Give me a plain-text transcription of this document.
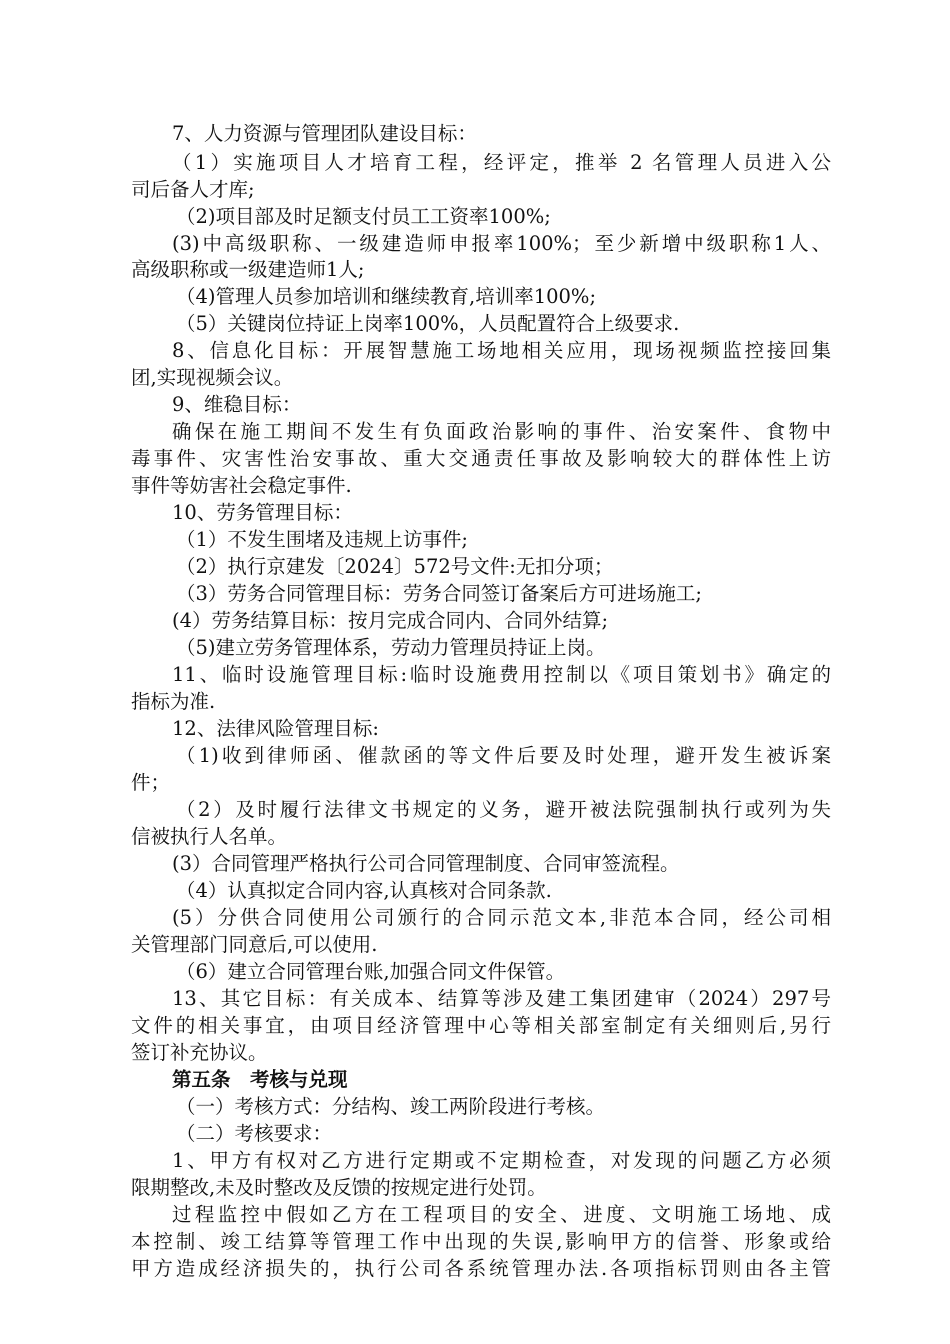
7、人力资源与管理团队建设目标：
（1）实施项目人才培育工程，经评定，推举 2 名管理人员进入公
司后备人才库;
（2)项目部及时足额支付员工工资率100%;
(3)中高级职称、一级建造师申报率100%；至少新增中级职称1人、
高级职称或一级建造师1人;
（4)管理人员参加培训和继续教育,培训率100%;
（5）关键岗位持证上岗率100%，人员配置符合上级要求.
8、信息化目标：开展智慧施工场地相关应用，现场视频监控接回集
团,实现视频会议。
9、维稳目标：
确保在施工期间不发生有负面政治影响的事件、治安案件、食物中
毒事件、灾害性治安事故、重大交通责任事故及影响较大的群体性上访
事件等妨害社会稳定事件.
10、劳务管理目标：
（1）不发生围堵及违规上访事件;
（2）执行京建发〔2024〕572号文件:无扣分项；
（3）劳务合同管理目标：劳务合同签订备案后方可进场施工;
(4）劳务结算目标：按月完成合同内、合同外结算;
（5)建立劳务管理体系，劳动力管理员持证上岗。
11、临时设施管理目标:临时设施费用控制以《项目策划书》确定的
指标为准.
12、法律风险管理目标:
（1)收到律师函、催款函的等文件后要及时处理，避开发生被诉案
件；
（2）及时履行法律文书规定的义务，避开被法院强制执行或列为失
信被执行人名单。
(3）合同管理严格执行公司合同管理制度、合同审签流程。
（4）认真拟定合同内容,认真核对合同条款.
(5）分供合同使用公司颁行的合同示范文本,非范本合同，经公司相
关管理部门同意后,可以使用.
（6）建立合同管理台账,加强合同文件保管。
13、其它目标：有关成本、结算等涉及建工集团建审（2024）297号
文件的相关事宜，由项目经济管理中心等相关部室制定有关细则后,另行
签订补充协议。
第五条　考核与兑现
（一）考核方式：分结构、竣工两阶段进行考核。
（二）考核要求：
1、甲方有权对乙方进行定期或不定期检查，对发现的问题乙方必须
限期整改,未及时整改及反馈的按规定进行处罚。
过程监控中假如乙方在工程项目的安全、进度、文明施工场地、成
本控制、竣工结算等管理工作中出现的失误,影响甲方的信誉、形象或给
甲方造成经济损失的，执行公司各系统管理办法.各项指标罚则由各主管
